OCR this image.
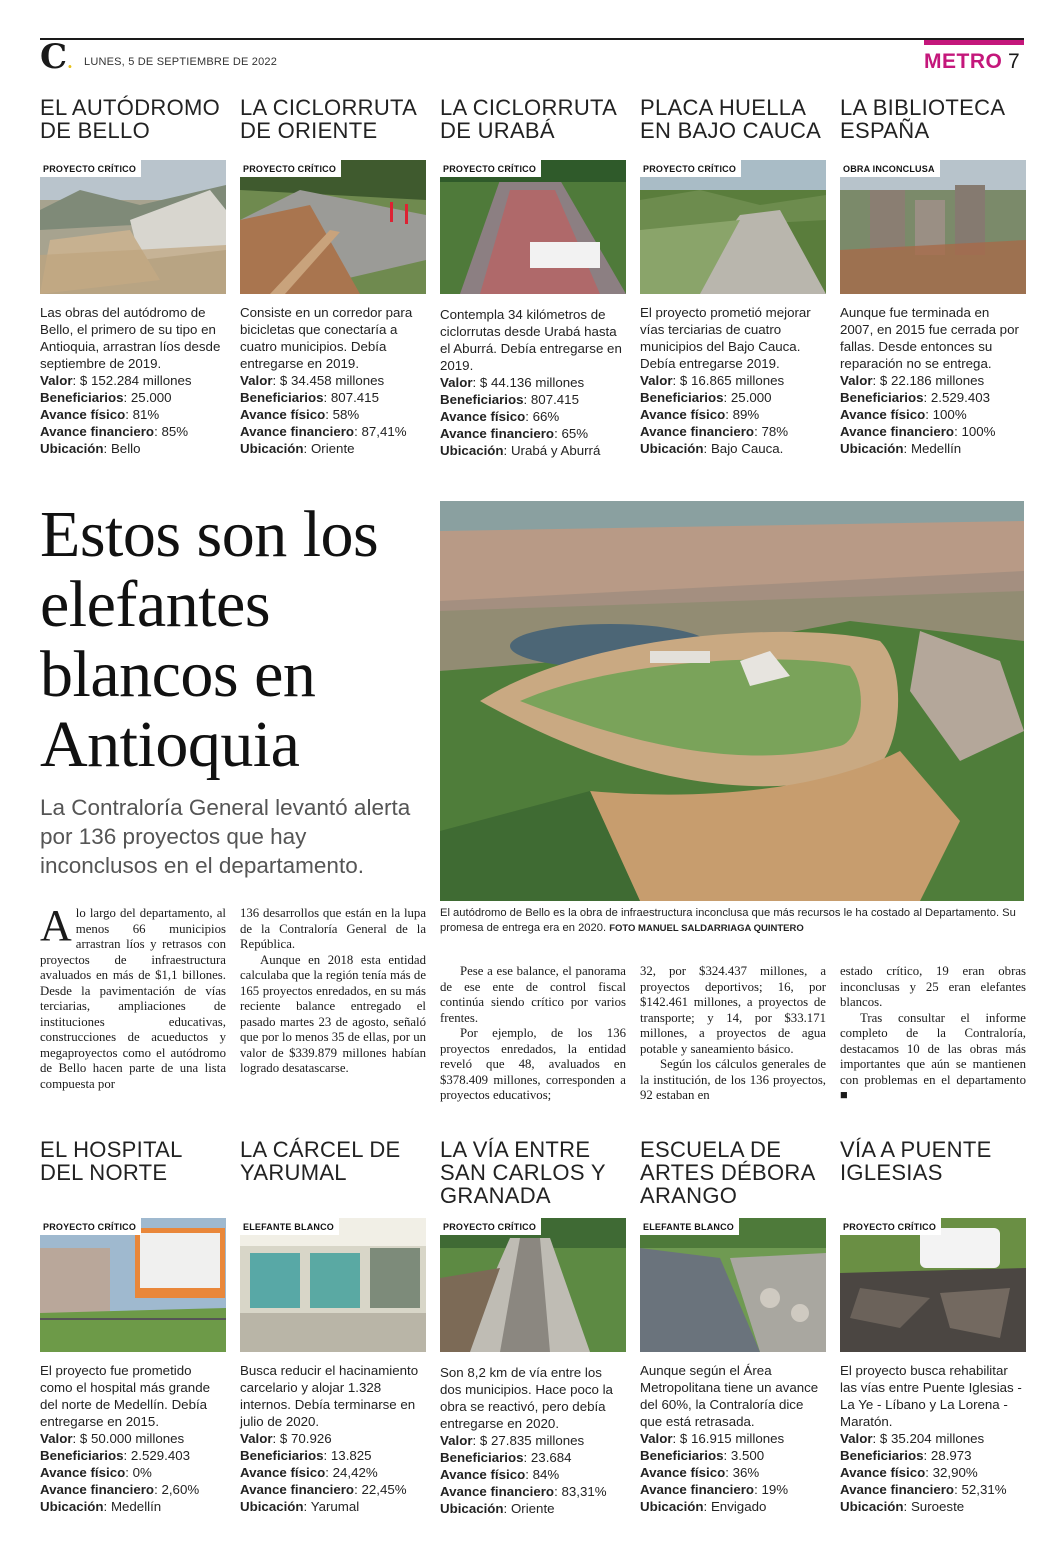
C. LUNES, 5 DE SEPTIEMBRE DE 2022	METRO 7
EL AUTÓDROMO DE BELLO
PROYECTO CRÍTICO

Las obras del autódromo de Bello, el primero de su tipo en Antioquia, arrastran líos desde septiembre de 2019.

Valor: $ 152.284 millones

Beneficiarios: 25.000

Avance físico: 81%

Avance financiero: 85%

Ubicación: Bello

LA CICLORRUTA DE ORIENTE
PROYECTO CRÍTICO

Consiste en un corredor para bicicletas que conectaría a cuatro municipios. Debía entregarse en 2019.

Valor: $ 34.458 millones

Beneficiarios: 807.415

Avance físico: 58%

Avance financiero: 87,41%

Ubicación: Oriente

LA CICLORRUTA DE URABÁ
PROYECTO CRÍTICO

Contempla 34 kilómetros de ciclorrutas desde Urabá hasta el Aburrá. Debía entregarse en 2019.

Valor: $ 44.136 millones

Beneficiarios: 807.415

Avance físico: 66%

Avance financiero: 65%

Ubicación: Urabá y Aburrá

PLACA HUELLA EN BAJO CAUCA
PROYECTO CRÍTICO

El proyecto prometió mejorar vías terciarias de cuatro municipios del Bajo Cauca. Debía entregarse 2019.

Valor: $ 16.865 millones

Beneficiarios: 25.000

Avance físico: 89%

Avance financiero: 78%

Ubicación: Bajo Cauca.

LA BIBLIOTECA ESPAÑA
OBRA INCONCLUSA

Aunque fue terminada en 2007, en 2015 fue cerrada por fallas. Desde entonces su reparación no se entrega.

Valor: $ 22.186 millones

Beneficiarios: 2.529.403

Avance físico: 100%

Avance financiero: 100%

Ubicación: Medellín

Estos son los elefantes blancos en Antioquia
La Contraloría General levantó alerta por 136 proyectos que hay inconclusos en el departamento.
El autódromo de Bello es la obra de infraestructura inconclusa que más recursos le ha costado al Departamento. Su promesa de entrega era en 2020. FOTO MANUEL SALDARRIAGA QUINTERO

Alo largo del departamento, al menos 66 municipios arrastran líos y retrasos con proyectos de infraestructura avaluados en más de $1,1 billones. Desde la pavimentación de vías terciarias, ampliaciones de instituciones educativas, construcciones de acueductos y megaproyectos como el autódromo de Bello hacen parte de una lista compuesta por

136 desarrollos que están en la lupa de la Contraloría General de la República.

Aunque en 2018 esta entidad calculaba que la región tenía más de 165 proyectos enredados, en su más reciente balance entregado el pasado martes 23 de agosto, señaló que por lo menos 35 de ellas, por un valor de $339.879 millones habían logrado desatascarse.

Pese a ese balance, el panorama de ese ente de control fiscal continúa siendo crítico por varios frentes.

Por ejemplo, de los 136 proyectos enredados, la entidad reveló que 48, avaluados en $378.409 millones, corresponden a proyectos educativos;

32, por $324.437 millones, a proyectos deportivos; 16, por $142.461 millones, a proyectos de transporte; y 14, por $33.171 millones, a proyectos de agua potable y saneamiento básico.

Según los cálculos generales de la institución, de los 136 proyectos, 92 estaban en

estado crítico, 19 eran obras inconclusas y 25 eran elefantes blancos.

Tras consultar el informe completo de la Contraloría, destacamos 10 de las obras más importantes que aún se mantienen con problemas en el departamento ■

EL HOSPITAL DEL NORTE
PROYECTO CRÍTICO

El proyecto fue prometido como el hospital más grande del norte de Medellín. Debía entregarse en 2015.

Valor: $ 50.000 millones

Beneficiarios: 2.529.403

Avance físico: 0%

Avance financiero: 2,60%

Ubicación: Medellín

LA CÁRCEL DE YARUMAL
ELEFANTE BLANCO

Busca reducir el hacinamiento carcelario y alojar 1.328 internos. Debía terminarse en julio de 2020.

Valor: $ 70.926

Beneficiarios: 13.825

Avance físico: 24,42%

Avance financiero: 22,45%

Ubicación: Yarumal

LA VÍA ENTRE SAN CARLOS Y GRANADA
PROYECTO CRÍTICO

Son 8,2 km de vía entre los dos municipios. Hace poco la obra se reactivó, pero debía entregarse en 2020.

Valor: $ 27.835 millones

Beneficiarios: 23.684

Avance físico: 84%

Avance financiero: 83,31%

Ubicación: Oriente

ESCUELA DE ARTES DÉBORA ARANGO
ELEFANTE BLANCO

Aunque según el Área Metropolitana tiene un avance del 60%, la Contraloría dice que está retrasada.

Valor: $ 16.915 millones

Beneficiarios: 3.500

Avance físico: 36%

Avance financiero: 19%

Ubicación: Envigado

VÍA A PUENTE IGLESIAS
PROYECTO CRÍTICO

El proyecto busca rehabilitar las vías entre Puente Iglesias - La Ye - Líbano y La Lorena - Maratón.

Valor: $ 35.204 millones

Beneficiarios: 28.973

Avance físico: 32,90%

Avance financiero: 52,31%

Ubicación: Suroeste
